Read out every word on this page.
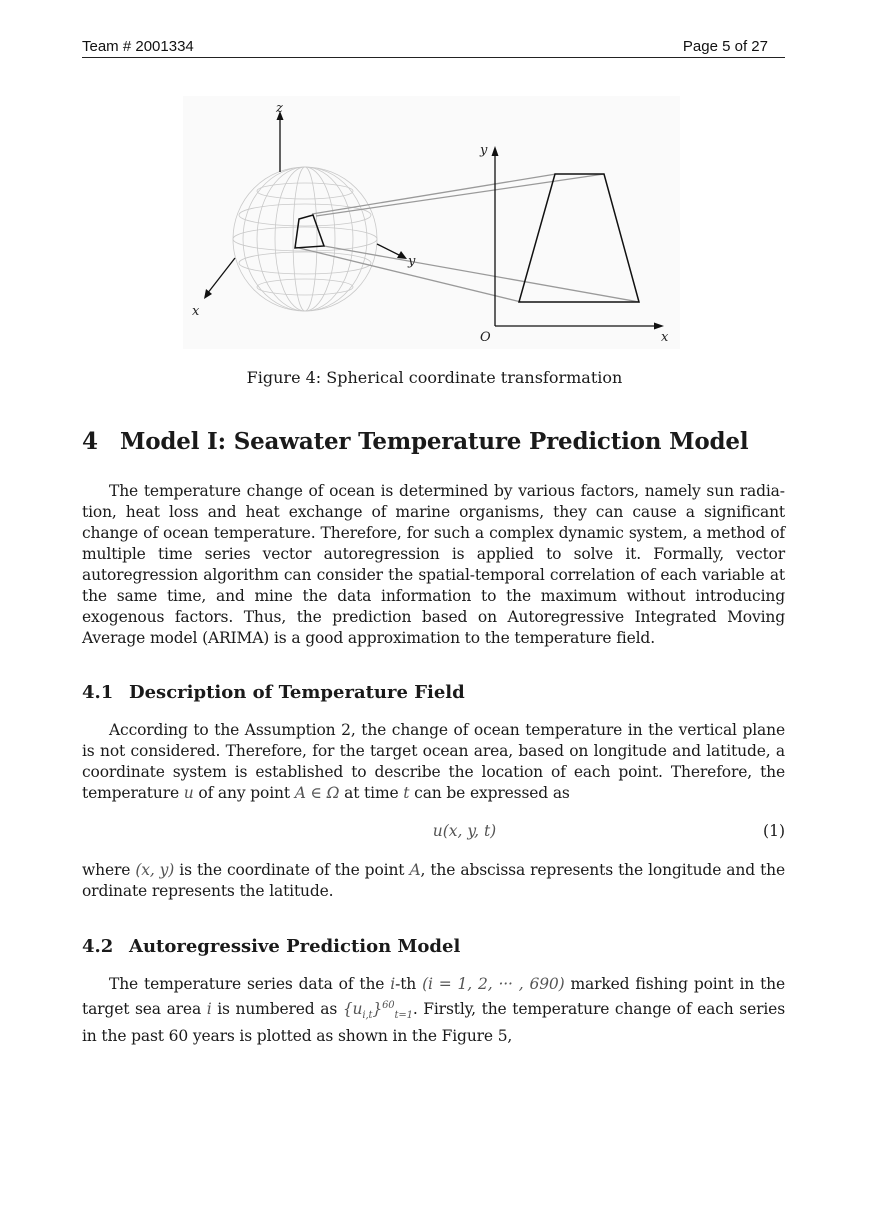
Team # 2001334	Page 5 of 27
z
x
y
y
O	x
Figure 4: Spherical coordinate transformation
4 Model I: Seawater Temperature Prediction Model

The temperature change of ocean is determined by various factors, namely sun radiation, heat loss and heat exchange of marine organisms, they can cause a significant change of ocean temperature. Therefore, for such a complex dynamic system, a method of multiple time series vector autoregression is applied to solve it. Formally, vector autoregression algorithm can consider the spatial-temporal correlation of each variable at the same time, and mine the data information to the maximum without introducing exogenous factors. Thus, the prediction based on Autoregressive Integrated Moving Average model (ARIMA) is a good approximation to the temperature field.

4.1 Description of Temperature Field

According to the Assumption 2, the change of ocean temperature in the vertical plane is not considered. Therefore, for the target ocean area, based on longitude and latitude, a coordinate system is established to describe the location of each point. Therefore, the temperature u of any point A ∈ Ω at time t can be expressed as

u(x, y, t)	(1)

where (x, y) is the coordinate of the point A, the abscissa represents the longitude and the ordinate represents the latitude.

4.2 Autoregressive Prediction Model

The temperature series data of the i-th (i = 1, 2, ··· , 690) marked fishing point in the target sea area i is numbered as $\{u_{i,t}\}^{60}_{t=1}$. Firstly, the temperature change of each series in the past 60 years is plotted as shown in the Figure 5,
